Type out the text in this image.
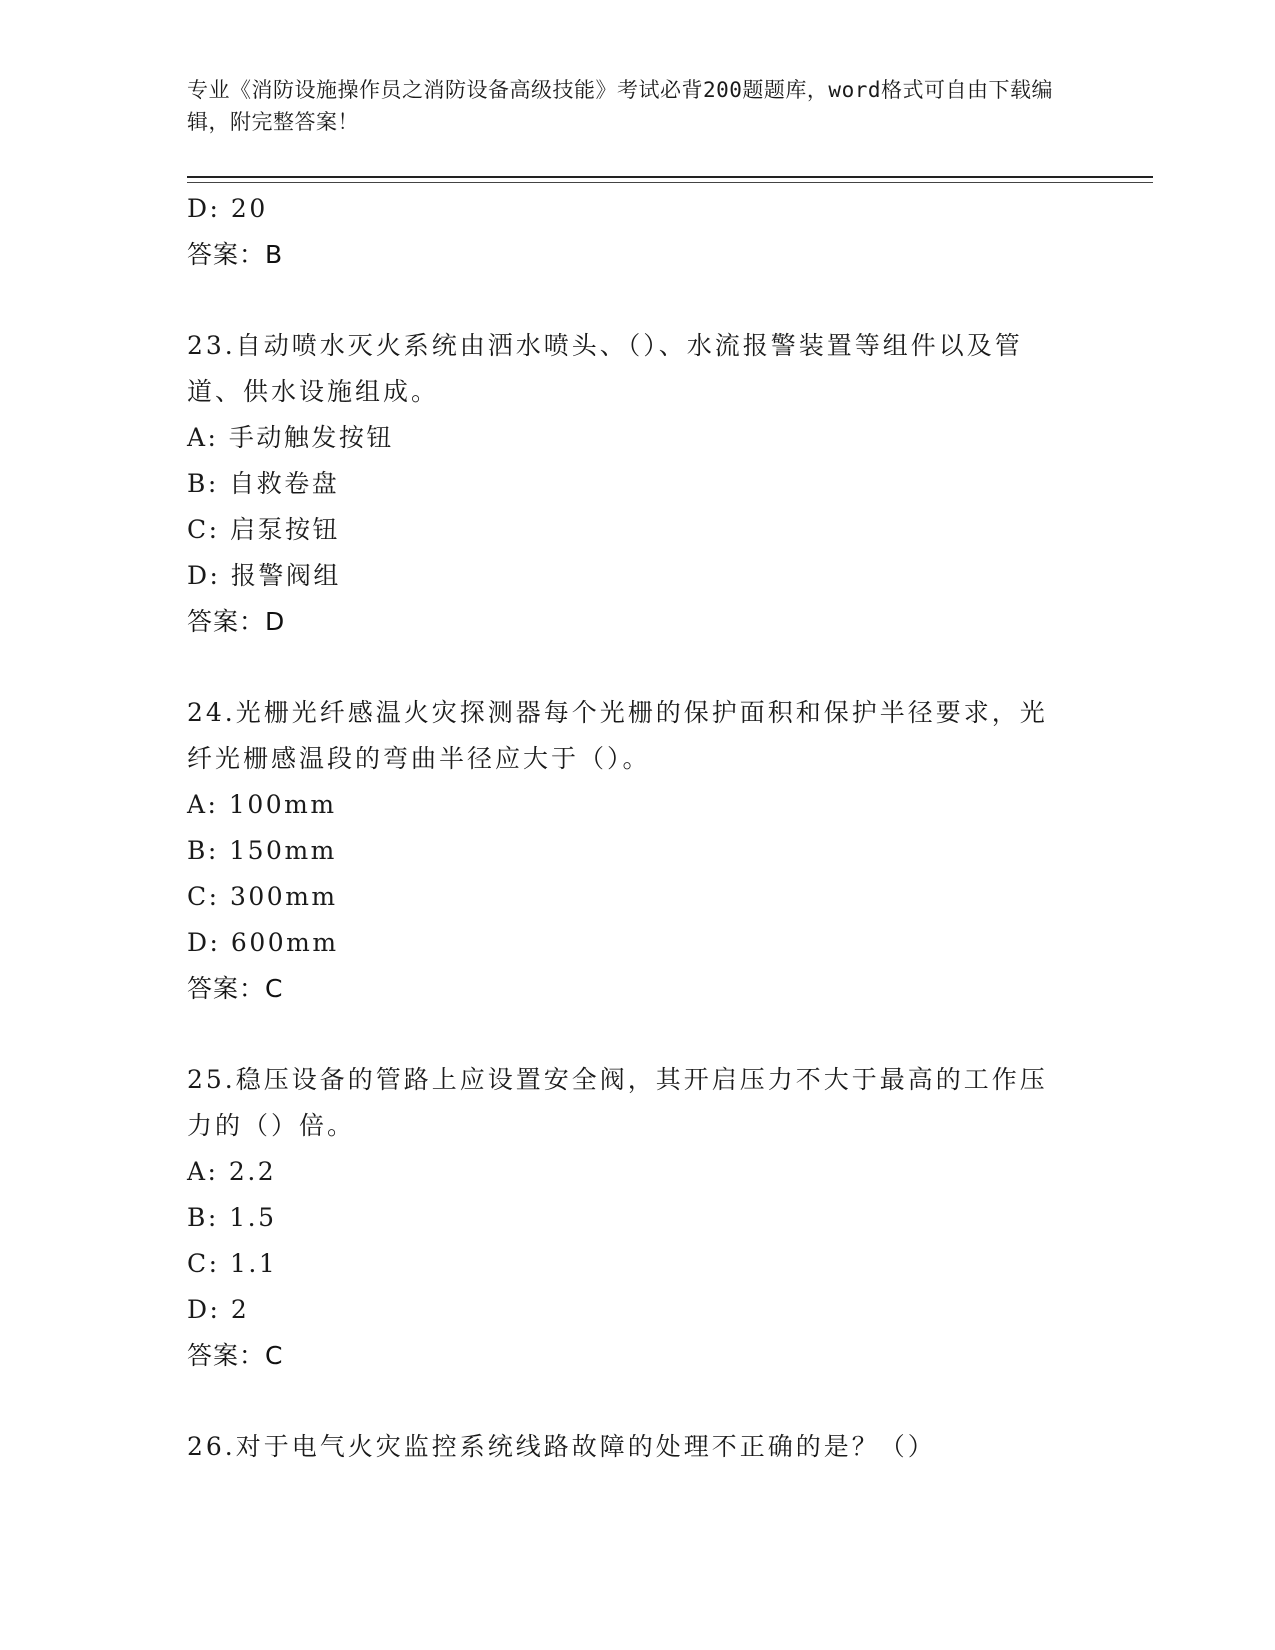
专业《消防设施操作员之消防设备高级技能》考试必背200题题库，word格式可自由下载编辑，附完整答案！
D: 20
答案：B
23.自动喷水灭火系统由洒水喷头、（）、水流报警装置等组件以及管道、供水设施组成。
A: 手动触发按钮
B: 自救卷盘
C: 启泵按钮
D: 报警阀组
答案：D
24.光栅光纤感温火灾探测器每个光栅的保护面积和保护半径要求，光纤光栅感温段的弯曲半径应大于（）。
A: 100mm
B: 150mm
C: 300mm
D: 600mm
答案：C
25.稳压设备的管路上应设置安全阀，其开启压力不大于最高的工作压力的（）倍。
A: 2.2
B: 1.5
C: 1.1
D: 2
答案：C
26.对于电气火灾监控系统线路故障的处理不正确的是？（）
